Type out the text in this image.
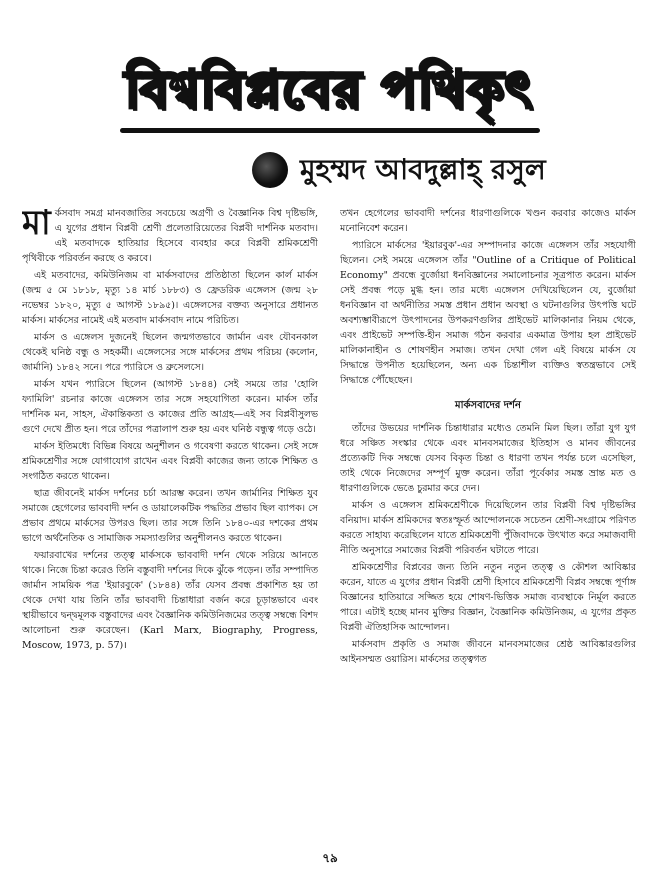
বিশ্ববিপ্লবের পথিকৃৎ
মুহম্মদ আবদুল্লাহ্ রসুল

মার্কসবাদ সমগ্র মানবজাতির সবচেয়ে অগ্রণী ও বৈজ্ঞানিক বিশ্ব দৃষ্টিভঙ্গি, এ যুগের প্রধান বিপ্লবী শ্রেণী প্রলেতারিয়েতের বিপ্লবী দার্শনিক মতবাদ। এই মতবাদকে হাতিয়ার হিসেবে ব্যবহার করে বিপ্লবী শ্রমিকশ্রেণী পৃথিবীকে পরিবর্তন করছে ও করবে।

এই মতবাদের, কমিউনিজম বা মার্কসবাদের প্রতিষ্ঠাতা ছিলেন কার্ল মার্কস (জন্ম ৫ মে ১৮১৮, মৃত্যু ১৪ মার্চ ১৮৮৩) ও ফ্রেডরিক এঙ্গেলস (জন্ম ২৮ নভেম্বর ১৮২০, মৃত্যু ৫ আগস্ট ১৮৯৫)। এঙ্গেলসের বক্তব্য অনুসারে প্রধানত মার্কস। মার্কসের নামেই এই মতবাদ মার্কসবাদ নামে পরিচিত।

মার্কস ও এঙ্গেলস দুজনেই ছিলেন জন্মগতভাবে জার্মান এবং যৌবনকাল থেকেই ঘনিষ্ঠ বন্ধু ও সহকর্মী। এঙ্গেলসের সঙ্গে মার্কসের প্রথম পরিচয় (কলোন, জার্মানি) ১৮৪২ সনে। পরে প্যারিসে ও ব্রুসেলসে।

মার্কস যখন প্যারিসে ছিলেন (আগস্ট ১৮৪৪) সেই সময়ে তার 'হোলি ফ্যামিলি' রচনার কাজে এঙ্গেলস তার সঙ্গে সহযোগিতা করেন। মার্কস তাঁর দার্শনিক মন, সাহস, ঐকান্তিকতা ও কাজের প্রতি আগ্রহ—এই সব বিপ্লবীসুলভ গুণে দেখে প্রীত হন। পরে তাঁদের পত্রালাপ শুরু হয় এবং ঘনিষ্ঠ বন্ধুত্ব গড়ে ওঠে।

মার্কস ইতিমধ্যে বিভিন্ন বিষয়ে অনুশীলন ও গবেষণা করতে থাকেন। সেই সঙ্গে শ্রমিকশ্রেণীর সঙ্গে যোগাযোগ রাখেন এবং বিপ্লবী কাজের জন্য তাকে শিক্ষিত ও সংগঠিত করতে থাকেন।

ছাত্র জীবনেই মার্কস দর্শনের চর্চা আরম্ভ করেন। তখন জার্মানির শিক্ষিত যুব সমাজে হেগেলের ভাববাদী দর্শন ও ডায়ালেকটিক পদ্ধতির প্রভাব ছিল ব্যাপক। সে প্রভাব প্রথমে মার্কসের উপরও ছিল। তার সঙ্গে তিনি ১৮৪০-এর দশকের প্রথম ভাগে অর্থনৈতিক ও সামাজিক সমস্যাগুলির অনুশীলনও করতে থাকেন।

ফয়ারবাখের দর্শনের তত্ত্ব মার্কসকে ভাববাদী দর্শন থেকে সরিয়ে আনতে থাকে। নিজে চিন্তা করেও তিনি বস্তুবাদী দর্শনের দিকে ঝুঁকে পড়েন। তাঁর সম্পাদিত জার্মান সাময়িক পত্র 'ইয়ারবুকে' (১৮৪৪) তাঁর যেসব প্রবন্ধ প্রকাশিত হয় তা থেকে দেখা যায় তিনি তাঁর ভাববাদী চিন্তাধারা বর্জন করে চূড়ান্তভাবে এবং স্থায়ীভাবে দ্বন্দ্বমূলক বস্তুবাদের এবং বৈজ্ঞানিক কমিউনিজমের তত্ত্ব সম্বন্ধে বিশদ আলোচনা শুরু করেছেন। (Karl Marx, Biography, Progress, Moscow, 1973, p. 57)।

তখন হেগেলের ভাববাদী দর্শনের ধারণাগুলিকে খণ্ডন করবার কাজেও মার্কস মনোনিবেশ করেন।

প্যারিসে মার্কসের 'ইয়ারবুক'-এর সম্পাদনার কাজে এঙ্গেলস তাঁর সহযোগী ছিলেন। সেই সময়ে এঙ্গেলস তাঁর "Outline of a Critique of Political Economy" প্রবন্ধে বুর্জোয়া ধনবিজ্ঞানের সমালোচনার সূত্রপাত করেন। মার্কস সেই প্রবন্ধ পড়ে মুগ্ধ হন। তার মধ্যে এঙ্গেলস দেখিয়েছিলেন যে, বুর্জোয়া ধনবিজ্ঞান বা অর্থনীতির সমস্ত প্রধান প্রধান অবস্থা ও ঘটনাগুলির উৎপত্তি ঘটে অবশ্যম্ভাবীরূপে উৎপাদনের উপকরণগুলির প্রাইভেট মালিকানার নিয়ম থেকে, এবং প্রাইভেট সম্পত্তি-হীন সমাজ গঠন করবার একমাত্র উপায় হল প্রাইভেট মালিকানাহীন ও শোষণহীন সমাজ। তখন দেখা গেল এই বিষয়ে মার্কস যে সিদ্ধান্তে উপনীত হয়েছিলেন, অন্য এক চিন্তাশীল ব্যক্তিও স্বতন্ত্রভাবে সেই সিদ্ধান্তে পৌঁছেছেন।

মার্কসবাদের দর্শন

তাঁদের উভয়ের দার্শনিক চিন্তাধারার মধ্যেও তেমনি মিল ছিল। তাঁরা যুগ যুগ ধরে সঞ্চিত সংস্কার থেকে এবং মানবসমাজের ইতিহাস ও মানব জীবনের প্রত্যেকটি দিক সম্বন্ধে যেসব বিকৃত চিন্তা ও ধারণা তখন পর্যন্ত চলে এসেছিল, তাই থেকে নিজেদের সম্পূর্ণ মুক্ত করেন। তাঁরা পূর্বেকার সমস্ত ভ্রান্ত মত ও ধারণাগুলিকে ভেঙে চুরমার করে দেন।

মার্কস ও এঙ্গেলস শ্রমিকশ্রেণীকে দিয়েছিলেন তার বিপ্লবী বিশ্ব দৃষ্টিভঙ্গির বনিয়াদ। মার্কস শ্রমিকদের স্বতঃস্ফূর্ত আন্দোলনকে সচেতন শ্রেণী-সংগ্রামে পরিণত করতে সাহায্য করেছিলেন যাতে শ্রমিকশ্রেণী পুঁজিবাদকে উৎখাত করে সমাজবাদী নীতি অনুসারে সমাজের বিপ্লবী পরিবর্তন ঘটাতে পারে।

শ্রমিকশ্রেণীর বিপ্লবের জন্য তিনি নতুন নতুন তত্ত্ব ও কৌশল আবিষ্কার করেন, যাতে এ যুগের প্রধান বিপ্লবী শ্রেণী হিসাবে শ্রমিকশ্রেণী বিপ্লব সম্বন্ধে পূর্ণাঙ্গ বিজ্ঞানের হাতিয়ারে সজ্জিত হয়ে শোষণ-ভিত্তিক সমাজ ব্যবস্থাকে নির্মূল করতে পারে। এটাই হচ্ছে মানব মুক্তির বিজ্ঞান, বৈজ্ঞানিক কমিউনিজম, এ যুগের প্রকৃত বিপ্লবী ঐতিহাসিক আন্দোলন।

মার্কসবাদ প্রকৃতি ও সমাজ জীবনে মানবসমাজের শ্রেষ্ঠ আবিষ্কারগুলির আইনসম্মত ওয়ারিস। মার্কসের তত্ত্বগত

৭৯
